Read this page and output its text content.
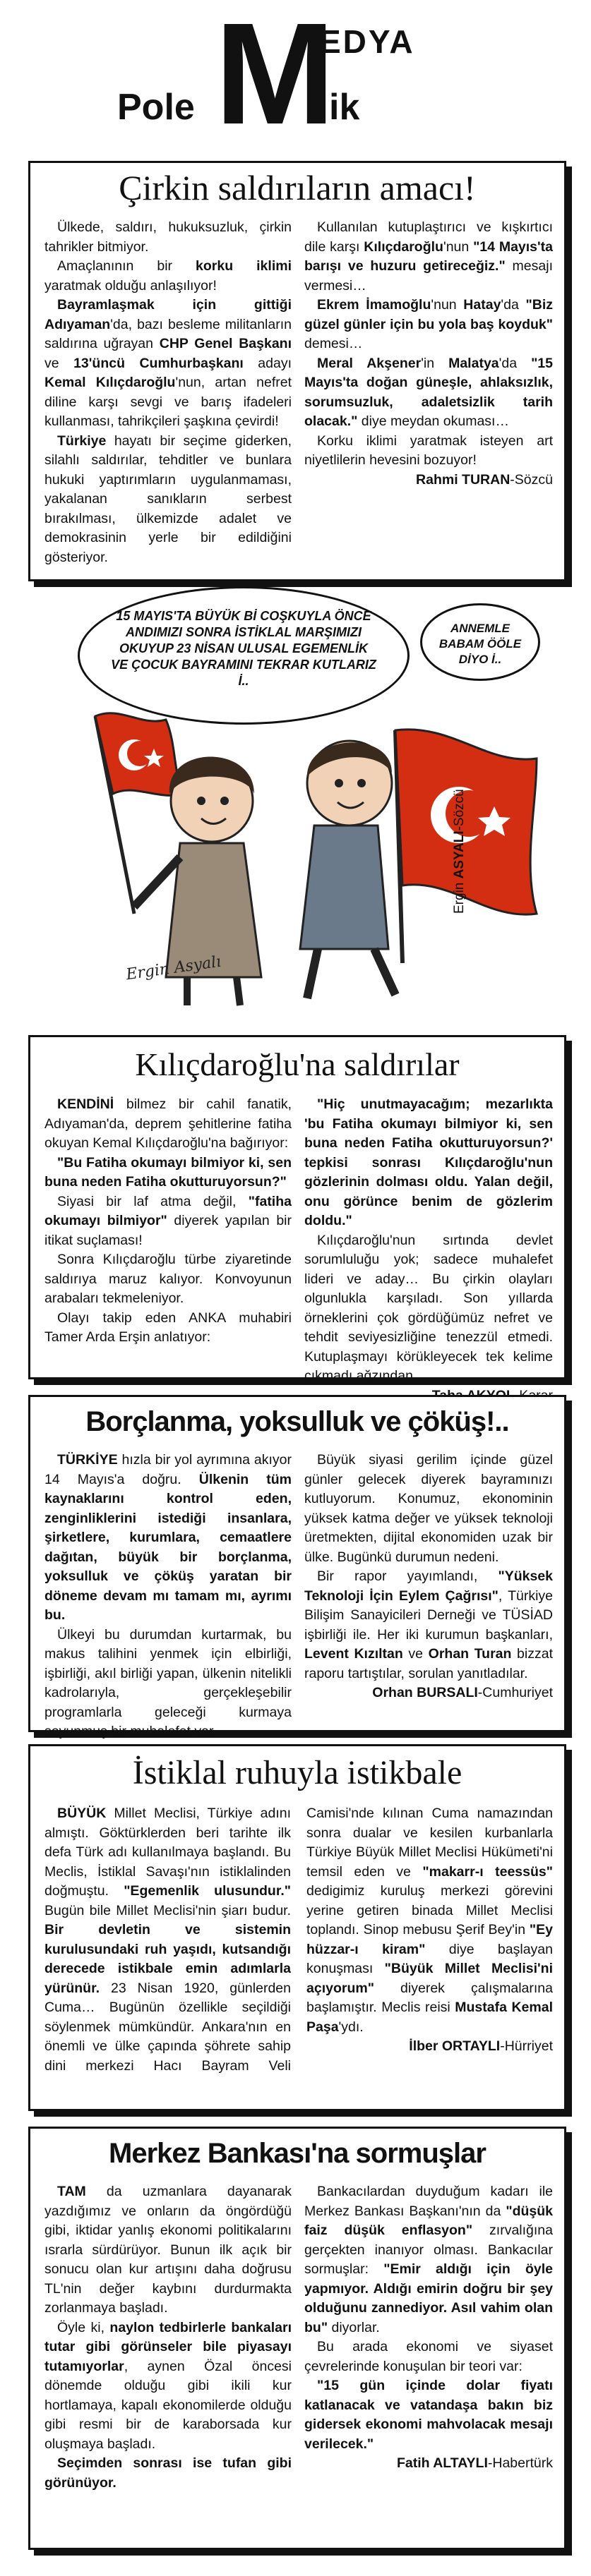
M
EDYA
Pole	ik
Çirkin saldırıların amacı!

Ülkede, saldırı, hukuksuzluk, çirkin tahrikler bitmiyor.

Amaçlanının bir korku iklimi yaratmak olduğu anlaşılıyor!

Bayramlaşmak için gittiği Adıyaman'da, bazı besleme militanların saldırına uğrayan CHP Genel Başkanı ve 13'üncü Cumhurbaşkanı adayı Kemal Kılıçdaroğlu'nun, artan nefret diline karşı sevgi ve barış ifadeleri kullanması, tahrikçileri şaşkına çevirdi!

Türkiye hayatı bir seçime giderken, silahlı saldırılar, tehditler ve bunlara hukuki yaptırımların uygulanmaması, yakalanan sanıkların serbest bırakılması, ülkemizde adalet ve demokrasinin yerle bir edildiğini gösteriyor.

Kullanılan kutuplaştırıcı ve kışkırtıcı dile karşı Kılıçdaroğlu'nun "14 Mayıs'ta barışı ve huzuru getireceğiz." mesajı vermesi…

Ekrem İmamoğlu'nun Hatay'da "Biz güzel günler için bu yola baş koyduk" demesi…

Meral Akşener'in Malatya'da "15 Mayıs'ta doğan güneşle, ahlaksızlık, sorumsuzluk, adaletsizlik tarih olacak." diye meydan okuması…

Korku iklimi yaratmak isteyen art niyetlilerin hevesini bozuyor!

Rahmi TURAN-Sözcü

15 MAYIS'TA BÜYÜK Bİ COŞKUYLA ÖNCE ANDIMIZI SONRA İSTİKLAL MARŞIMIZI OKUYUP 23 NİSAN ULUSAL EGEMENLİK VE ÇOCUK BAYRAMINI TEKRAR KUTLARIZ İ..
ANNEMLE BABAM ÖÖLE DİYO İ..
Ergin Asyalı
Ergin ASYALI-Sözcü
Kılıçdaroğlu'na saldırılar

KENDİNİ bilmez bir cahil fanatik, Adıyaman'da, deprem şehitlerine fatiha okuyan Kemal Kılıçdaroğlu'na bağırıyor:

"Bu Fatiha okumayı bilmiyor ki, sen buna neden Fatiha okutturuyorsun?"

Siyasi bir laf atma değil, "fatiha okumayı bilmiyor" diyerek yapılan bir itikat suçlaması!

Sonra Kılıçdaroğlu türbe ziyaretinde saldırıya maruz kalıyor. Konvoyunun arabaları tekmeleniyor.

Olayı takip eden ANKA muhabiri Tamer Arda Erşin anlatıyor:

"Hiç unutmayacağım; mezarlıkta 'bu Fatiha okumayı bilmiyor ki, sen buna neden Fatiha okutturuyorsun?' tepkisi sonrası Kılıçdaroğlu'nun gözlerinin dolması oldu. Yalan değil, onu görünce benim de gözlerim doldu."

Kılıçdaroğlu'nun sırtında devlet sorumluluğu yok; sadece muhalefet lideri ve aday… Bu çirkin olayları olgunlukla karşıladı. Son yıllarda örneklerini çok gördüğümüz nefret ve tehdit seviyesizliğine tenezzül etmedi. Kutuplaşmayı körükleyecek tek kelime çıkmadı ağzından.

Borçlanma, yoksulluk ve çöküş!..

TÜRKİYE hızla bir yol ayrımına akıyor 14 Mayıs'a doğru. Ülkenin tüm kaynaklarını kontrol eden, zenginliklerini istediği insanlara, şirketlere, kurumlara, cemaatlere dağıtan, büyük bir borçlanma, yoksulluk ve çöküş yaratan bir döneme devam mı tamam mı, ayrımı bu.

Ülkeyi bu durumdan kurtarmak, bu makus talihini yenmek için elbirliği, işbirliği, akıl birliği yapan, ülkenin nitelikli kadrolarıyla, gerçekleşebilir programlarla geleceği kurmaya soyunmuş bir muhalefet var.

Büyük siyasi gerilim içinde güzel günler gelecek diyerek bayramınızı kutluyorum. Konumuz, ekonominin yüksek katma değer ve yüksek teknoloji üretmekten, dijital ekonomiden uzak bir ülke. Bugünkü durumun nedeni.

Bir rapor yayımlandı, "Yüksek Teknoloji İçin Eylem Çağrısı", Türkiye Bilişim Sanayicileri Derneği ve TÜSİAD işbirliği ile. Her iki kurumun başkanları, Levent Kızıltan ve Orhan Turan bizzat raporu tartıştılar, sorulan yanıtladılar.

Orhan BURSALI-Cumhuriyet

İstiklal ruhuyla istikbale

BÜYÜK Millet Meclisi, Türkiye adını almıştı. Göktürklerden beri tarihte ilk defa Türk adı kullanılmaya başlandı. Bu Meclis, İstiklal Savaşı'nın istiklalinden doğmuştu. "Egemenlik ulusundur." Bugün bile Millet Meclisi'nin şiarı budur. Bir devletin ve sistemin kurulusundaki ruh yaşıdı, kutsandığı derecede istikbale emin adımlarla yürünür. 23 Nisan 1920, günlerden Cuma… Bugünün özellikle seçildiği söylenmek mümkündür. Ankara'nın en önemli ve ülke çapında şöhrete sahip dini merkezi Hacı Bayram Veli Camisi'nde kılınan Cuma namazından sonra dualar ve kesilen kurbanlarla Türkiye Büyük Millet Meclisi Hükümeti'ni temsil eden ve "makarr-ı teessüs" dedigimiz kuruluş merkezi görevini yerine getiren binada Millet Meclisi toplandı. Sinop mebusu Şerif Bey'in "Ey hüzzar-ı kiram" diye başlayan konuşması "Büyük Millet Meclisi'ni açıyorum" diyerek çalışmalarına başlamıştır. Meclis reisi Mustafa Kemal Paşa'ydı.

İlber ORTAYLI-Hürriyet

Merkez Bankası'na sormuşlar

TAM da uzmanlara dayanarak yazdığımız ve onların da öngördüğü gibi, iktidar yanlış ekonomi politikalarını ısrarla sürdürüyor. Bunun ilk açık bir sonucu olan kur artışını daha doğrusu TL'nin değer kaybını durdurmakta zorlanmaya başladı.

Öyle ki, naylon tedbirlerle bankaları tutar gibi görünseler bile piyasayı tutamıyorlar, aynen Özal öncesi dönemde olduğu gibi ikili kur hortlamaya, kapalı ekonomilerde olduğu gibi resmi bir de karaborsada kur oluşmaya başladı.

Seçimden sonrası ise tufan gibi görünüyor.

Bankacılardan duyduğum kadarı ile Merkez Bankası Başkanı'nın da "düşük faiz düşük enflasyon" zırvalığına gerçekten inanıyor olması. Bankacılar sormuşlar: "Emir aldığı için öyle yapmıyor. Aldığı emirin doğru bir şey olduğunu zannediyor. Asıl vahim olan bu" diyorlar.

Bu arada ekonomi ve siyaset çevrelerinde konuşulan bir teori var:

"15 gün içinde dolar fiyatı katlanacak ve vatandaşa bakın biz gidersek ekonomi mahvolacak mesajı verilecek."

Fatih ALTAYLI-Habertürk
